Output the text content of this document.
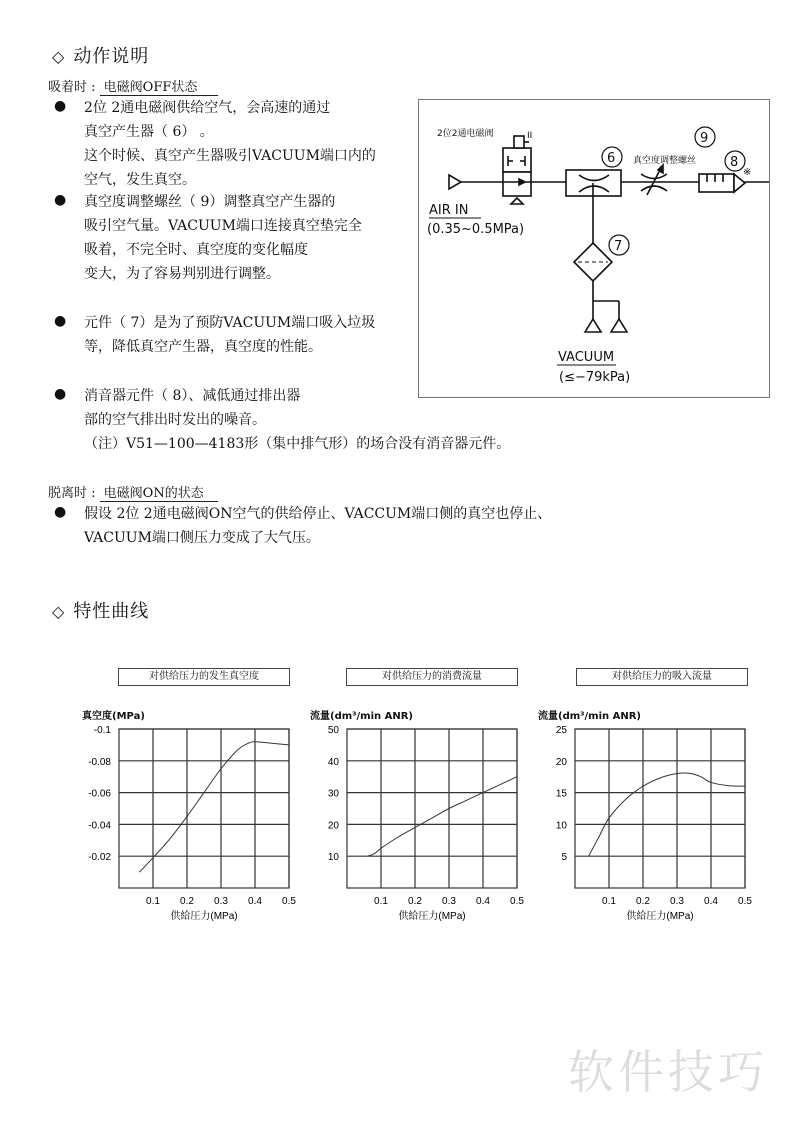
◇ 动作说明
吸着时 : 电磁阀OFF状态
● 2位 2通电磁阀供给空气，会高速的通过
真空产生器（ 6） 。
这个时候、真空产生器吸引VACUUM端口内的
空气，发生真空。
● 真空度调整螺丝（ 9）调整真空产生器的
吸引空气量。VACUUM端口连接真空垫完全
吸着，不完全时、真空度的变化幅度
变大，为了容易判别进行调整。
● 元件（ 7）是为了预防VACUUM端口吸入垃圾
等，降低真空产生器，真空度的性能。
● 消音器元件（ 8）、减低通过排出器
部的空气排出时发出的噪音。
（注）V51—100—4183形（集中排气形）的场合没有消音器元件。
脱离时 : 电磁阀ON的状态
● 假设 2位 2通电磁阀ON空气的供给停止、VACCUM端口侧的真空也停止、
VACUUM端口侧压力变成了大气压。
2位2通电磁阀	II
6
9
真空度调整螺丝	8
※
7
AIR IN
(0.35~0.5MPa)
VACUUM
(≤−79kPa)
◇ 特性曲线
对供给压力的发生真空度
真空度(MPa)
0.1 0.2 0.3 0.4 0.5
-0.02
-0.04
-0.06
-0.08
-0.1
供給圧力(MPa)
对供给压力的消费流量
流量(dm³/min ANR)
0.1 0.2 0.3 0.4 0.5
10
20
30
40
50
供給圧力(MPa)
对供给压力的吸入流量
流量(dm³/min ANR)
0.1 0.2 0.3 0.4 0.5
5
10
15
20
25
供給圧力(MPa)
软件技巧
